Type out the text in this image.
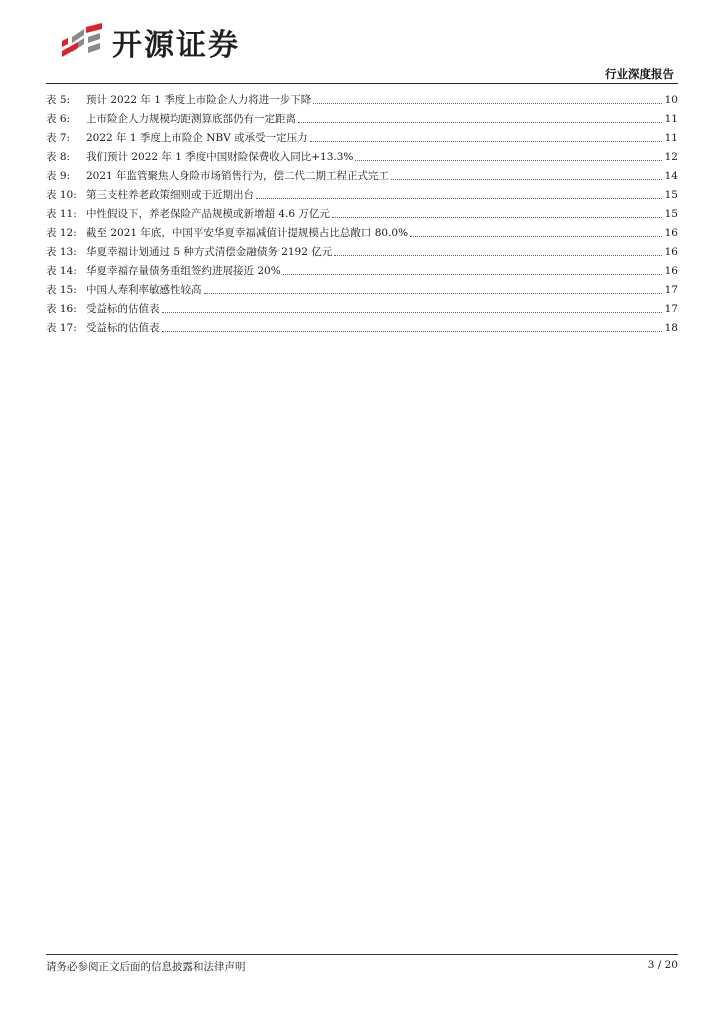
开源证券
行业深度报告
表 5:	预计 2022 年 1 季度上市险企人力将进一步下降	10
表 6:	上市险企人力规模均距测算底部仍有一定距离	11
表 7:	2022 年 1 季度上市险企 NBV 或承受一定压力	11
表 8:	我们预计 2022 年 1 季度中国财险保费收入同比+13.3%	12
表 9:	2021 年监管聚焦人身险市场销售行为，偿二代二期工程正式完工	14
表 10: 第三支柱养老政策细则或于近期出台	15
表 11: 中性假设下，养老保险产品规模或新增超 4.6 万亿元	15
表 12: 截至 2021 年底，中国平安华夏幸福减值计提规模占比总敞口 80.0%	16
表 13: 华夏幸福计划通过 5 种方式清偿金融债务 2192 亿元	16
表 14: 华夏幸福存量债务重组签约进展接近 20%	16
表 15: 中国人寿利率敏感性较高	17
表 16: 受益标的估值表	17
表 17: 受益标的估值表	18
请务必参阅正文后面的信息披露和法律声明	3 / 20
